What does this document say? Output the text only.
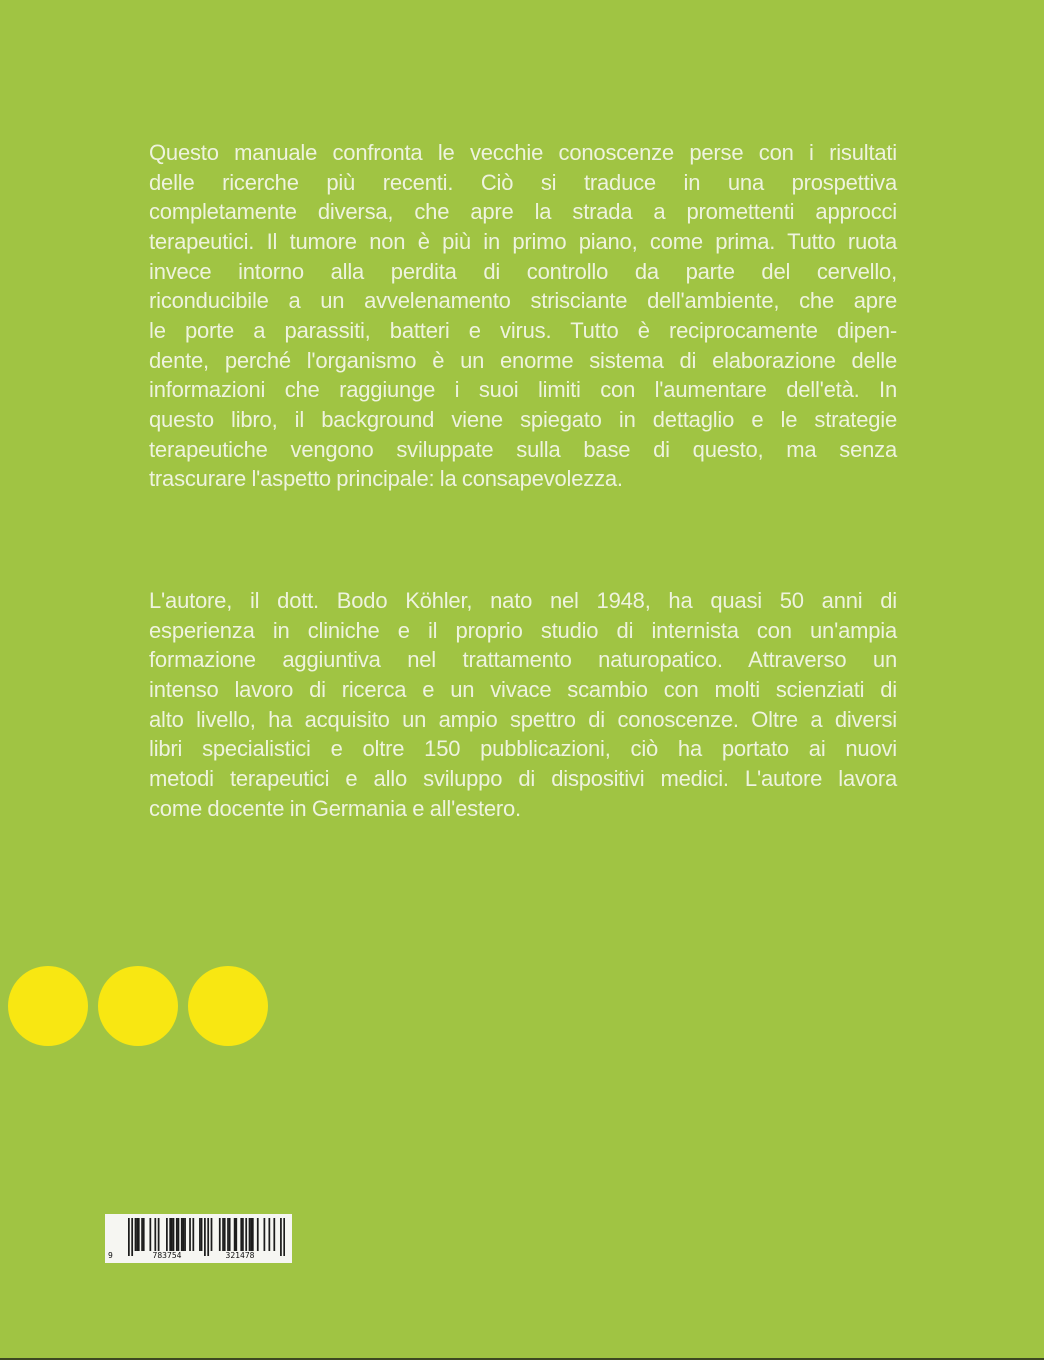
Questo manuale confronta le vecchie conoscenze perse con i risultati
delle ricerche più recenti. Ciò si traduce in una prospettiva
completamente diversa, che apre la strada a promettenti approcci
terapeutici. Il tumore non è più in primo piano, come prima. Tutto ruota
invece intorno alla perdita di controllo da parte del cervello,
riconducibile a un avvelenamento strisciante dell'ambiente, che apre
le porte a parassiti, batteri e virus. Tutto è reciprocamente dipen-
dente, perché l'organismo è un enorme sistema di elaborazione delle
informazioni che raggiunge i suoi limiti con l'aumentare dell'età. In
questo libro, il background viene spiegato in dettaglio e le strategie
terapeutiche vengono sviluppate sulla base di questo, ma senza
trascurare l'aspetto principale: la consapevolezza.
L'autore, il dott. Bodo Köhler, nato nel 1948, ha quasi 50 anni di
esperienza in cliniche e il proprio studio di internista con un'ampia
formazione aggiuntiva nel trattamento naturopatico. Attraverso un
intenso lavoro di ricerca e un vivace scambio con molti scienziati di
alto livello, ha acquisito un ampio spettro di conoscenze. Oltre a diversi
libri specialistici e oltre 150 pubblicazioni, ciò ha portato ai nuovi
metodi terapeutici e allo sviluppo di dispositivi medici. L'autore lavora
come docente in Germania e all'estero.
9	783754	321478
